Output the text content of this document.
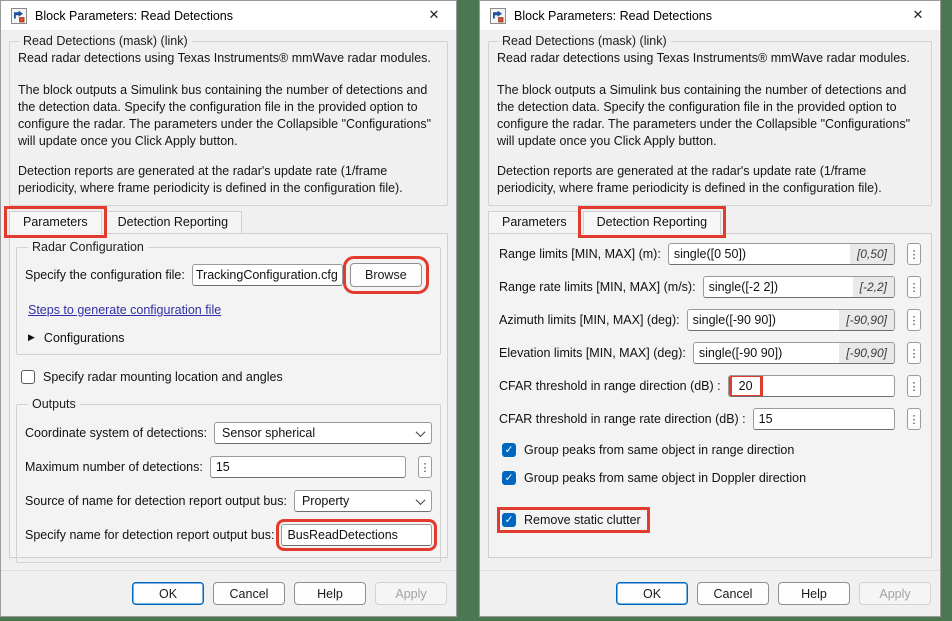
Block Parameters: Read Detections	✕
Read Detections (mask) (link)

Read radar detections using Texas Instruments® mmWave radar modules.

The block outputs a Simulink bus containing the number of detections and the detection data. Specify the configuration file in the provided option to configure the radar. The parameters under the Collapsible "Configurations" will update once you Click Apply button.

Detection reports are generated at the radar's update rate (1/frame periodicity, where frame periodicity is defined in the configuration file).

Parameters	Detection Reporting
Radar Configuration
Specify the configuration file: TrackingConfiguration.cfg	Browse
Steps to generate configuration file
▶ Configurations
Specify radar mounting location and angles
Outputs
Coordinate system of detections: Sensor spherical
Maximum number of detections:	15	⋮
Source of name for detection report output bus: Property
Specify name for detection report output bus:	BusReadDetections
OK	Cancel	Help	Apply
Block Parameters: Read Detections	✕
Read Detections (mask) (link)

Read radar detections using Texas Instruments® mmWave radar modules.

The block outputs a Simulink bus containing the number of detections and the detection data. Specify the configuration file in the provided option to configure the radar. The parameters under the Collapsible "Configurations" will update once you Click Apply button.

Detection reports are generated at the radar's update rate (1/frame periodicity, where frame periodicity is defined in the configuration file).

Parameters	Detection Reporting
Range limits [MIN, MAX] (m):	single([0 50])	[0,50]	⋮
Range rate limits [MIN, MAX] (m/s):	single([-2 2])	[-2,2]	⋮
Azimuth limits [MIN, MAX] (deg):	single([-90 90])	[-90,90]	⋮
Elevation limits [MIN, MAX] (deg):	single([-90 90])	[-90,90]	⋮
CFAR threshold in range direction (dB) :	20	⋮
CFAR threshold in range rate direction (dB) :	15	⋮
✓ Group peaks from same object in range direction
✓ Group peaks from same object in Doppler direction
✓ Remove static clutter
OK	Cancel	Help	Apply
